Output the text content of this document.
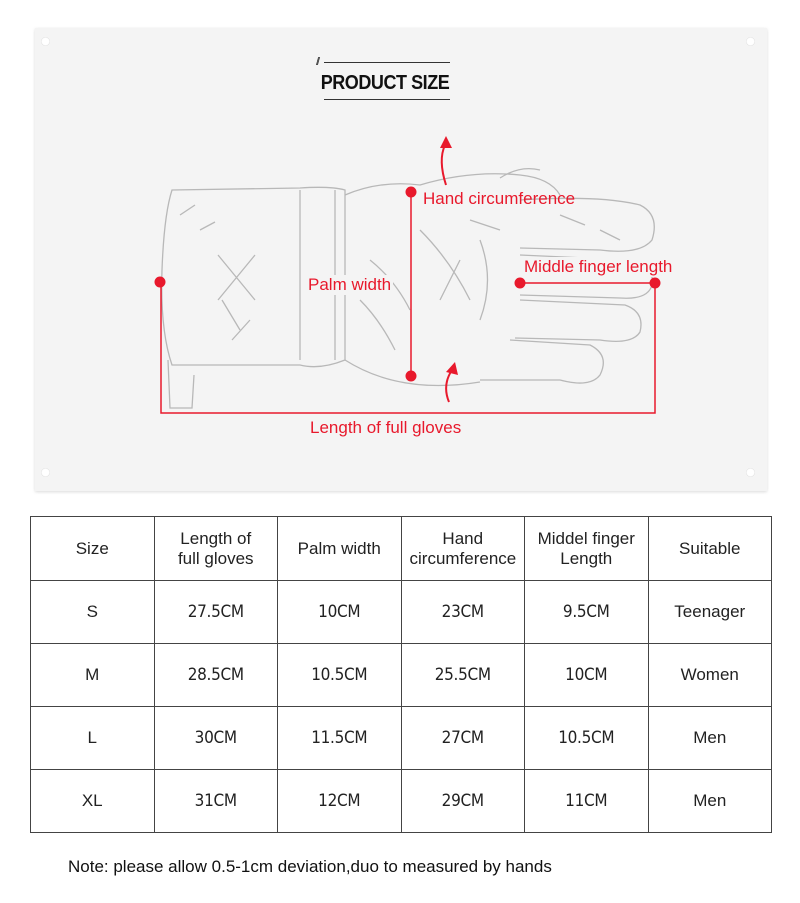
//
PRODUCT SIZE
Hand circumference
Palm width
Middle finger length
Length of full gloves
Size	Length of full gloves	Palm width	Hand circumference	Middel finger Length	Suitable
S	27.5CM	10CM	23CM	9.5CM	Teenager
M	28.5CM	10.5CM	25.5CM	10CM	Women
L	30CM	11.5CM	27CM	10.5CM	Men
XL	31CM	12CM	29CM	11CM	Men
Note: please allow 0.5-1cm deviation,duo to measured by hands
